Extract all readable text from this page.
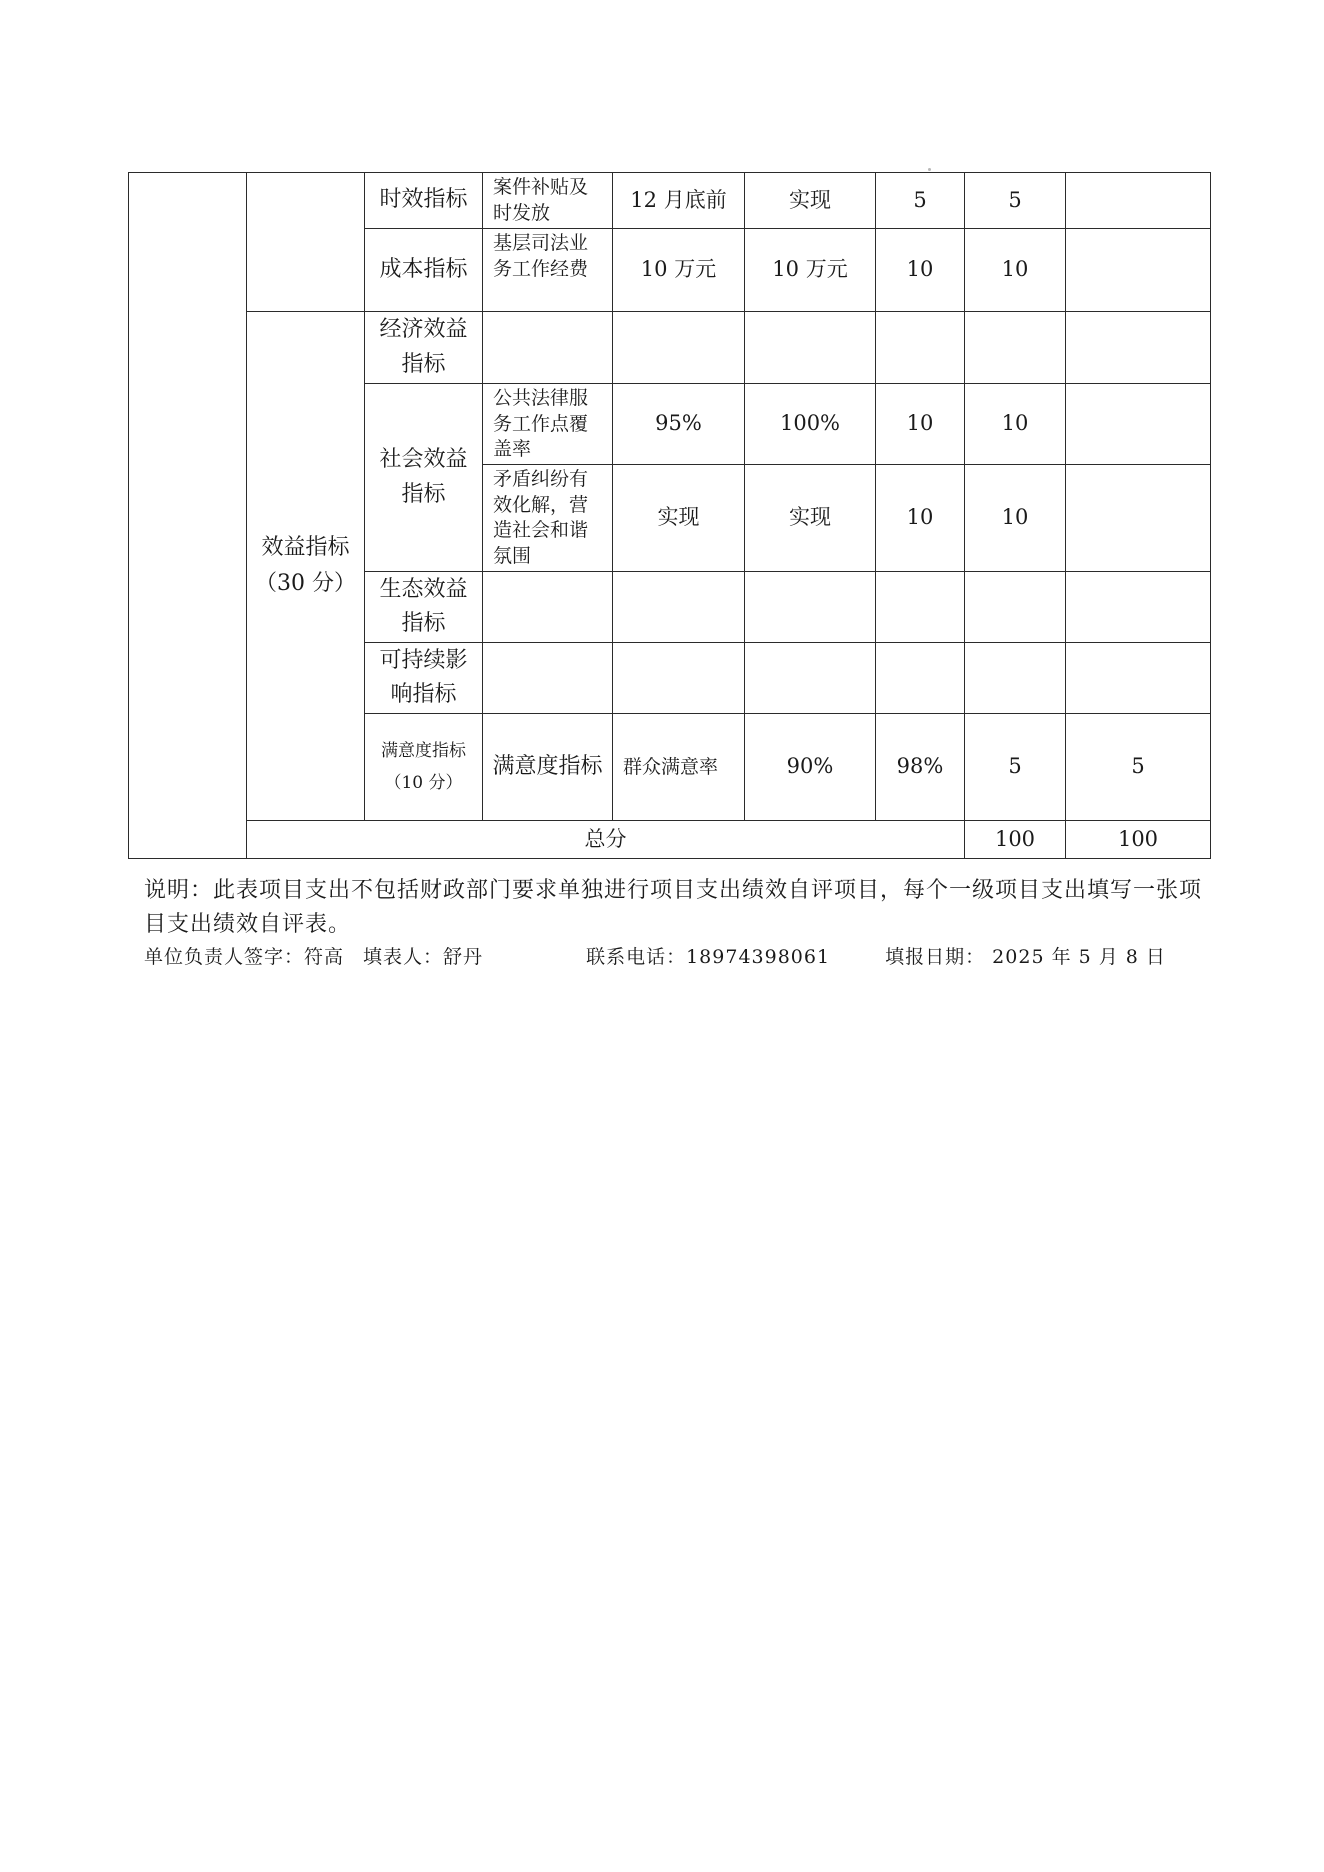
		时效指标	案件补贴及时发放	12 月底前	实现	5	5		
		成本指标	基层司法业务工作经费	10 万元	10 万元	10	10		
	效益指标（30 分）	经济效益指标							
		社会效益指标	公共法律服务工作点覆盖率	95%	100%	10	10		
			矛盾纠纷有效化解，营造社会和谐氛围	实现	实现	10	10		
		生态效益指标							
		可持续影响指标							
		满意度指标（10 分）	满意度指标	群众满意率	90%	98%	5	5	
	总分						100	100	
说明：此表项目支出不包括财政部门要求单独进行项目支出绩效自评项目，每个一级项目支出填写一张项目支出绩效自评表。
单位负责人签字：符高 填表人：舒丹	联系电话：18974398061	填报日期： 2025 年 5 月 8 日
